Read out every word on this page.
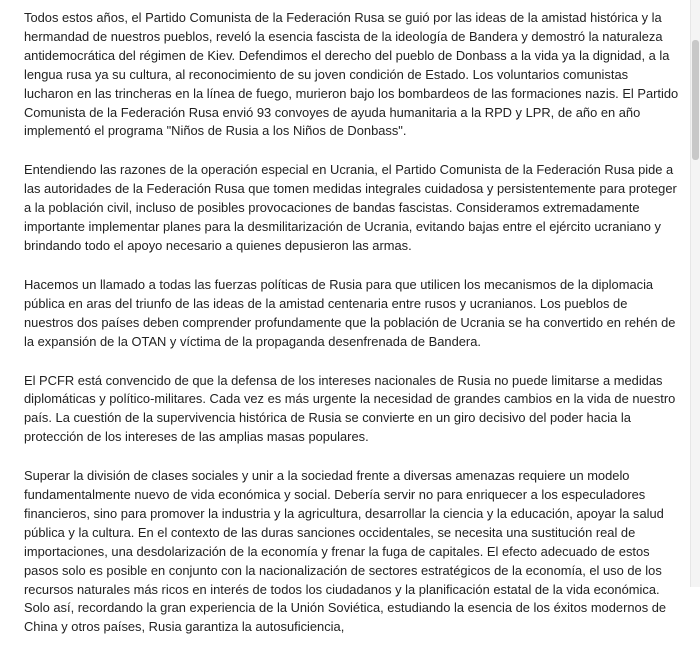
Todos estos años, el Partido Comunista de la Federación Rusa se guió por las ideas de la amistad histórica y la hermandad de nuestros pueblos, reveló la esencia fascista de la ideología de Bandera y demostró la naturaleza antidemocrática del régimen de Kiev. Defendimos el derecho del pueblo de Donbass a la vida ya la dignidad, a la lengua rusa ya su cultura, al reconocimiento de su joven condición de Estado. Los voluntarios comunistas lucharon en las trincheras en la línea de fuego, murieron bajo los bombardeos de las formaciones nazis. El Partido Comunista de la Federación Rusa envió 93 convoyes de ayuda humanitaria a la RPD y LPR, de año en año implementó el programa "Niños de Rusia a los Niños de Donbass".

Entendiendo las razones de la operación especial en Ucrania, el Partido Comunista de la Federación Rusa pide a las autoridades de la Federación Rusa que tomen medidas integrales cuidadosa y persistentemente para proteger a la población civil, incluso de posibles provocaciones de bandas fascistas. Consideramos extremadamente importante implementar planes para la desmilitarización de Ucrania, evitando bajas entre el ejército ucraniano y brindando todo el apoyo necesario a quienes depusieron las armas.

Hacemos un llamado a todas las fuerzas políticas de Rusia para que utilicen los mecanismos de la diplomacia pública en aras del triunfo de las ideas de la amistad centenaria entre rusos y ucranianos. Los pueblos de nuestros dos países deben comprender profundamente que la población de Ucrania se ha convertido en rehén de la expansión de la OTAN y víctima de la propaganda desenfrenada de Bandera.

El PCFR está convencido de que la defensa de los intereses nacionales de Rusia no puede limitarse a medidas diplomáticas y político-militares. Cada vez es más urgente la necesidad de grandes cambios en la vida de nuestro país. La cuestión de la supervivencia histórica de Rusia se convierte en un giro decisivo del poder hacia la protección de los intereses de las amplias masas populares.

Superar la división de clases sociales y unir a la sociedad frente a diversas amenazas requiere un modelo fundamentalmente nuevo de vida económica y social. Debería servir no para enriquecer a los especuladores financieros, sino para promover la industria y la agricultura, desarrollar la ciencia y la educación, apoyar la salud pública y la cultura. En el contexto de las duras sanciones occidentales, se necesita una sustitución real de importaciones, una desdolarización de la economía y frenar la fuga de capitales. El efecto adecuado de estos pasos solo es posible en conjunto con la nacionalización de sectores estratégicos de la economía, el uso de los recursos naturales más ricos en interés de todos los ciudadanos y la planificación estatal de la vida económica. Solo así, recordando la gran experiencia de la Unión Soviética, estudiando la esencia de los éxitos modernos de China y otros países, Rusia garantiza la autosuficiencia,
